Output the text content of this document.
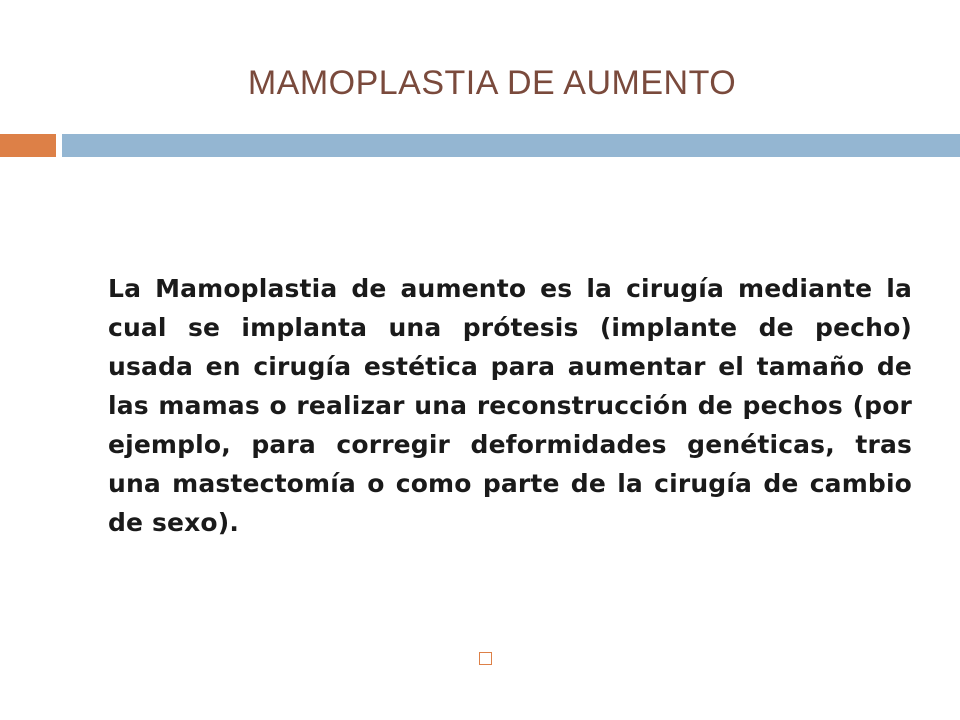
MAMOPLASTIA DE AUMENTO

La Mamoplastia de aumento es la cirugía mediante la cual se implanta una prótesis (implante de pecho) usada en cirugía estética para aumentar el tamaño de las mamas o realizar una reconstrucción de pechos (por ejemplo, para corregir deformidades genéticas, tras una mastectomía o como parte de la cirugía de cambio de sexo).
